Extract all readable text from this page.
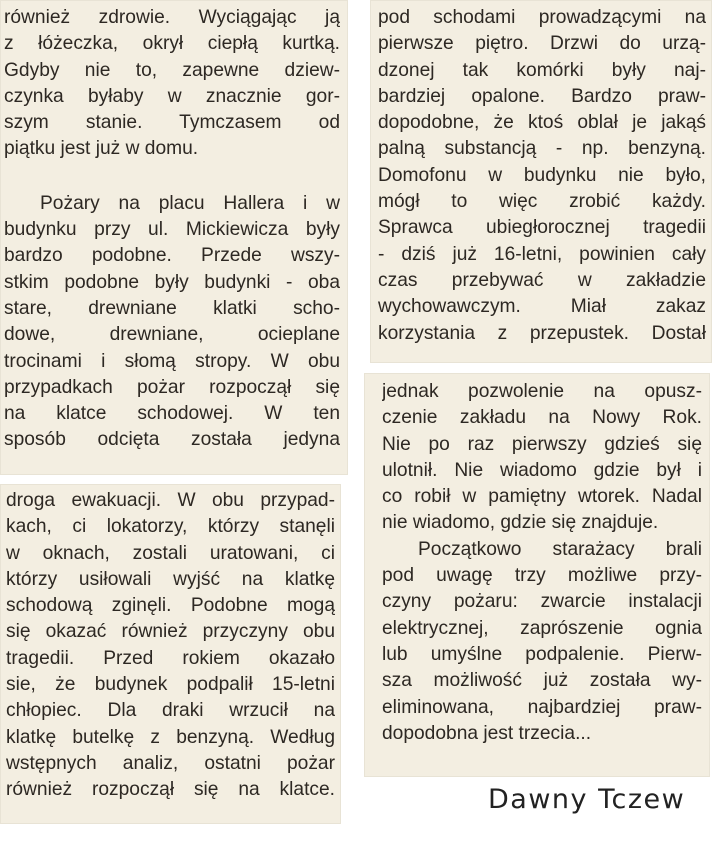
również zdrowie. Wyciągając ją
z łóżeczka, okrył ciepłą kurtką.
Gdyby nie to, zapewne dziew-
czynka byłaby w znacznie gor-
szym stanie. Tymczasem od
piątku jest już w domu.
Pożary na placu Hallera i w
budynku przy ul. Mickiewicza były
bardzo podobne. Przede wszy-
stkim podobne były budynki - oba
stare, drewniane klatki scho-
dowe, drewniane, ocieplane
trocinami i słomą stropy. W obu
przypadkach pożar rozpoczął się
na klatce schodowej. W ten
sposób odcięta została jedyna
droga ewakuacji. W obu przypad-
kach, ci lokatorzy, którzy stanęli
w oknach, zostali uratowani, ci
którzy usiłowali wyjść na klatkę
schodową zginęli. Podobne mogą
się okazać również przyczyny obu
tragedii. Przed rokiem okazało
sie, że budynek podpalił 15-letni
chłopiec. Dla draki wrzucił na
klatkę butelkę z benzyną. Według
wstępnych analiz, ostatni pożar
również rozpoczął się na klatce.
pod schodami prowadzącymi na
pierwsze piętro. Drzwi do urzą-
dzonej tak komórki były naj-
bardziej opalone. Bardzo praw-
dopodobne, że ktoś oblał je jakąś
palną substancją - np. benzyną.
Domofonu w budynku nie było,
mógł to więc zrobić każdy.
Sprawca ubiegłorocznej tragedii
- dziś już 16-letni, powinien cały
czas przebywać w zakładzie
wychowawczym. Miał zakaz
korzystania z przepustek. Dostał
jednak pozwolenie na opusz-
czenie zakładu na Nowy Rok.
Nie po raz pierwszy gdzieś się
ulotnił. Nie wiadomo gdzie był i
co robił w pamiętny wtorek. Nadal
nie wiadomo, gdzie się znajduje.
Początkowo starażacy brali
pod uwagę trzy możliwe przy-
czyny pożaru: zwarcie instalacji
elektrycznej, zaprószenie ognia
lub umyślne podpalenie. Pierw-
sza możliwość już została wy-
eliminowana, najbardziej praw-
dopodobna jest trzecia...
Dawny Tczew
